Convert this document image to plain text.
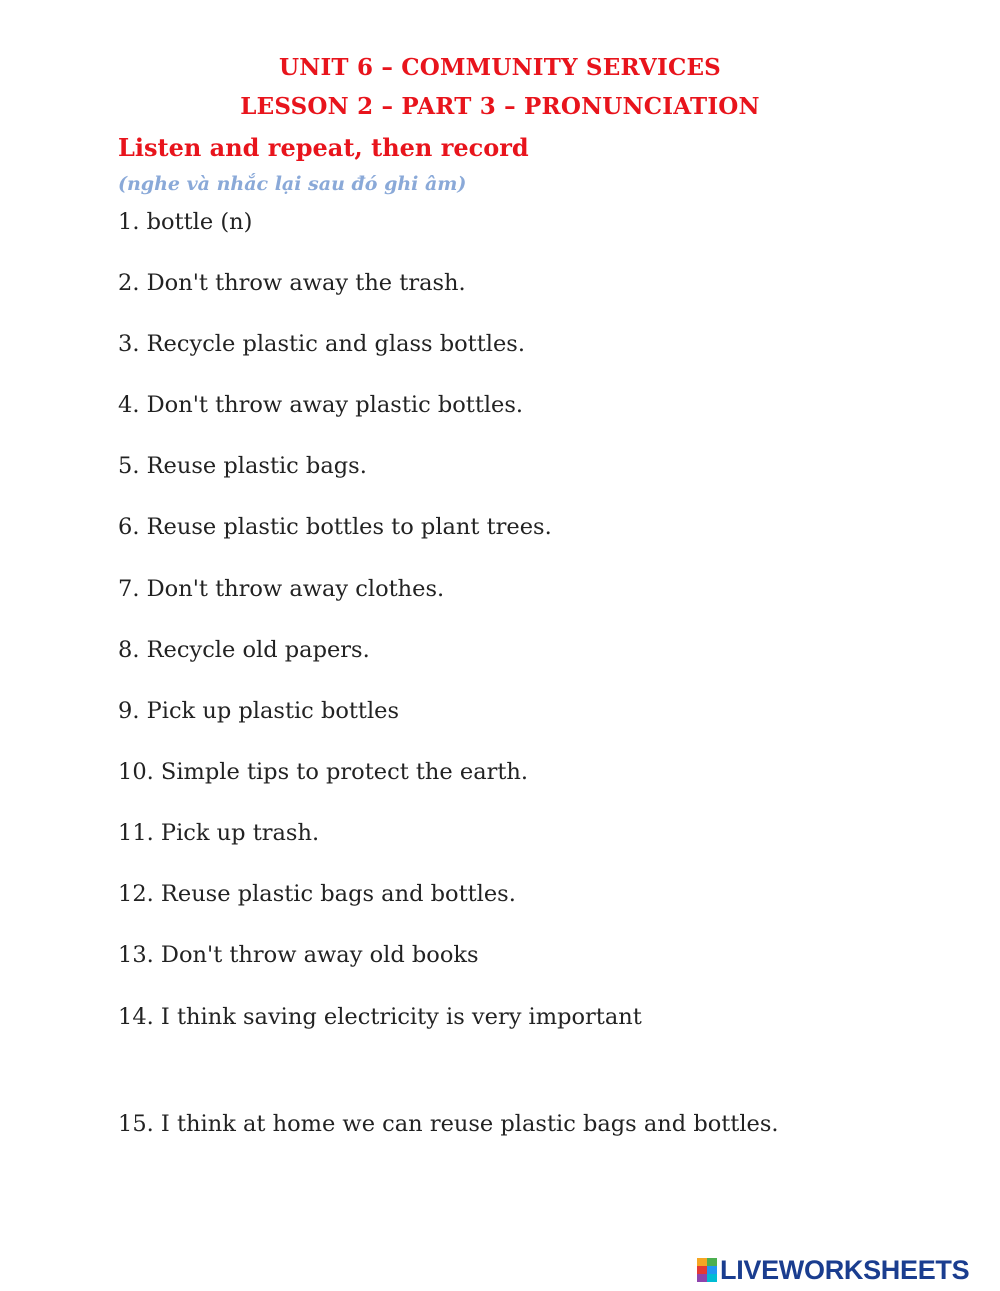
UNIT 6 – COMMUNITY SERVICES
LESSON 2 – PART 3 – PRONUNCIATION
Listen and repeat, then record
(nghe và nhắc lại sau đó ghi âm)
1. bottle (n)
2. Don't throw away the trash.
3. Recycle plastic and glass bottles.
4. Don't throw away plastic bottles.
5. Reuse plastic bags.
6. Reuse plastic bottles to plant trees.
7. Don't throw away clothes.
8. Recycle old papers.
9. Pick up plastic bottles
10. Simple tips to protect the earth.
11. Pick up trash.
12. Reuse plastic bags and bottles.
13. Don't throw away old books
14. I think saving electricity is very important
15. I think at home we can reuse plastic bags and bottles.
LIVEWORKSHEETS
